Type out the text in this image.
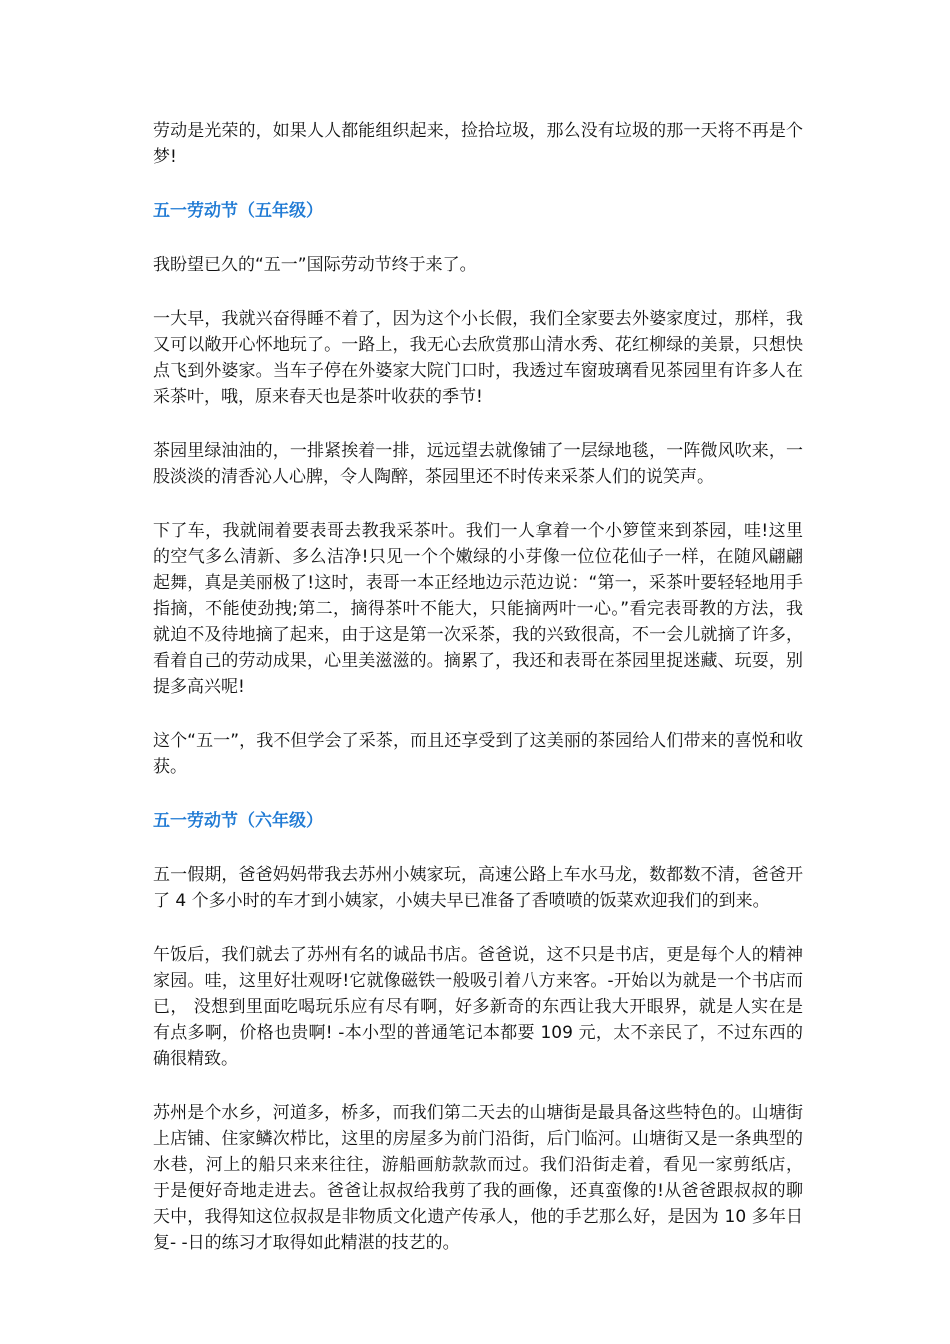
劳动是光荣的，如果人人都能组织起来，捡拾垃圾，那么没有垃圾的那一天将不再是个梦!

五一劳动节（五年级）

我盼望已久的“五一”国际劳动节终于来了。

一大早，我就兴奋得睡不着了，因为这个小长假，我们全家要去外婆家度过，那样，我又可以敞开心怀地玩了。一路上，我无心去欣赏那山清水秀、花红柳绿的美景，只想快点飞到外婆家。当车子停在外婆家大院门口时，我透过车窗玻璃看见茶园里有许多人在采茶叶，哦，原来春天也是茶叶收获的季节!

茶园里绿油油的，一排紧挨着一排，远远望去就像铺了一层绿地毯，一阵微风吹来，一股淡淡的清香沁人心脾，令人陶醉，茶园里还不时传来采茶人们的说笑声。

下了车，我就闹着要表哥去教我采茶叶。我们一人拿着一个小箩筐来到茶园，哇!这里的空气多么清新、多么洁净!只见一个个嫩绿的小芽像一位位花仙子一样，在随风翩翩起舞，真是美丽极了!这时，表哥一本正经地边示范边说：“第一，采茶叶要轻轻地用手指摘，不能使劲拽;第二，摘得茶叶不能大，只能摘两叶一心。”看完表哥教的方法，我就迫不及待地摘了起来，由于这是第一次采茶，我的兴致很高，不一会儿就摘了许多，看着自己的劳动成果，心里美滋滋的。摘累了，我还和表哥在茶园里捉迷藏、玩耍，别提多高兴呢!

这个“五一”，我不但学会了采茶，而且还享受到了这美丽的茶园给人们带来的喜悦和收获。

五一劳动节（六年级）

五一假期，爸爸妈妈带我去苏州小姨家玩，高速公路上车水马龙，数都数不清，爸爸开了 4 个多小时的车才到小姨家，小姨夫早已准备了香喷喷的饭菜欢迎我们的到来。

午饭后，我们就去了苏州有名的诚品书店。爸爸说，这不只是书店，更是每个人的精神家园。哇，这里好壮观呀!它就像磁铁一般吸引着八方来客。-开始以为就是一个书店而已， 没想到里面吃喝玩乐应有尽有啊，好多新奇的东西让我大开眼界，就是人实在是有点多啊，价格也贵啊! -本小型的普通笔记本都要 109 元，太不亲民了，不过东西的确很精致。

苏州是个水乡，河道多，桥多，而我们第二天去的山塘街是最具备这些特色的。山塘街上店铺、住家鳞次栉比，这里的房屋多为前门沿街，后门临河。山塘街又是一条典型的水巷，河上的船只来来往往，游船画舫款款而过。我们沿街走着，看见一家剪纸店， 于是便好奇地走进去。爸爸让叔叔给我剪了我的画像，还真蛮像的!从爸爸跟叔叔的聊天中，我得知这位叔叔是非物质文化遗产传承人，他的手艺那么好，是因为 10 多年日复- -日的练习才取得如此精湛的技艺的。
